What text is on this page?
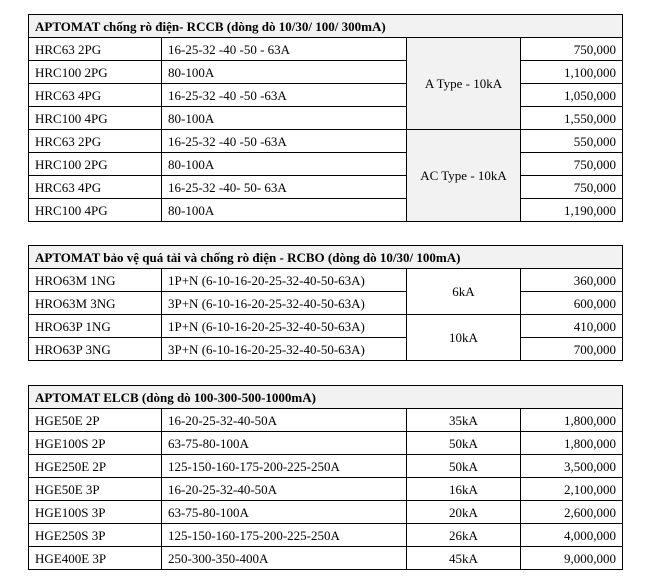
APTOMAT chống rò điện- RCCB (dòng dò 10/30/ 100/ 300mA)			
HRC63 2PG	16-25-32 -40 -50 - 63A	A Type - 10kA	750,000
HRC100 2PG	80-100A		1,100,000
HRC63 4PG	16-25-32 -40 -50 -63A		1,050,000
HRC100 4PG	80-100A		1,550,000
HRC63 2PG	16-25-32 -40 -50 -63A	AC Type - 10kA	550,000
HRC100 2PG	80-100A		750,000
HRC63 4PG	16-25-32 -40- 50- 63A		750,000
HRC100 4PG	80-100A		1,190,000
APTOMAT bảo vệ quá tải và chống rò điện - RCBO (dòng dò 10/30/ 100mA)			
HRO63M 1NG	1P+N (6-10-16-20-25-32-40-50-63A)	6kA	360,000
HRO63M 3NG	3P+N (6-10-16-20-25-32-40-50-63A)		600,000
HRO63P 1NG	1P+N (6-10-16-20-25-32-40-50-63A)	10kA	410,000
HRO63P 3NG	3P+N (6-10-16-20-25-32-40-50-63A)		700,000
APTOMAT ELCB (dòng dò 100-300-500-1000mA)			
HGE50E 2P	16-20-25-32-40-50A	35kA	1,800,000
HGE100S 2P	63-75-80-100A	50kA	1,800,000
HGE250E 2P	125-150-160-175-200-225-250A	50kA	3,500,000
HGE50E 3P	16-20-25-32-40-50A	16kA	2,100,000
HGE100S 3P	63-75-80-100A	20kA	2,600,000
HGE250S 3P	125-150-160-175-200-225-250A	26kA	4,000,000
HGE400E 3P	250-300-350-400A	45kA	9,000,000
